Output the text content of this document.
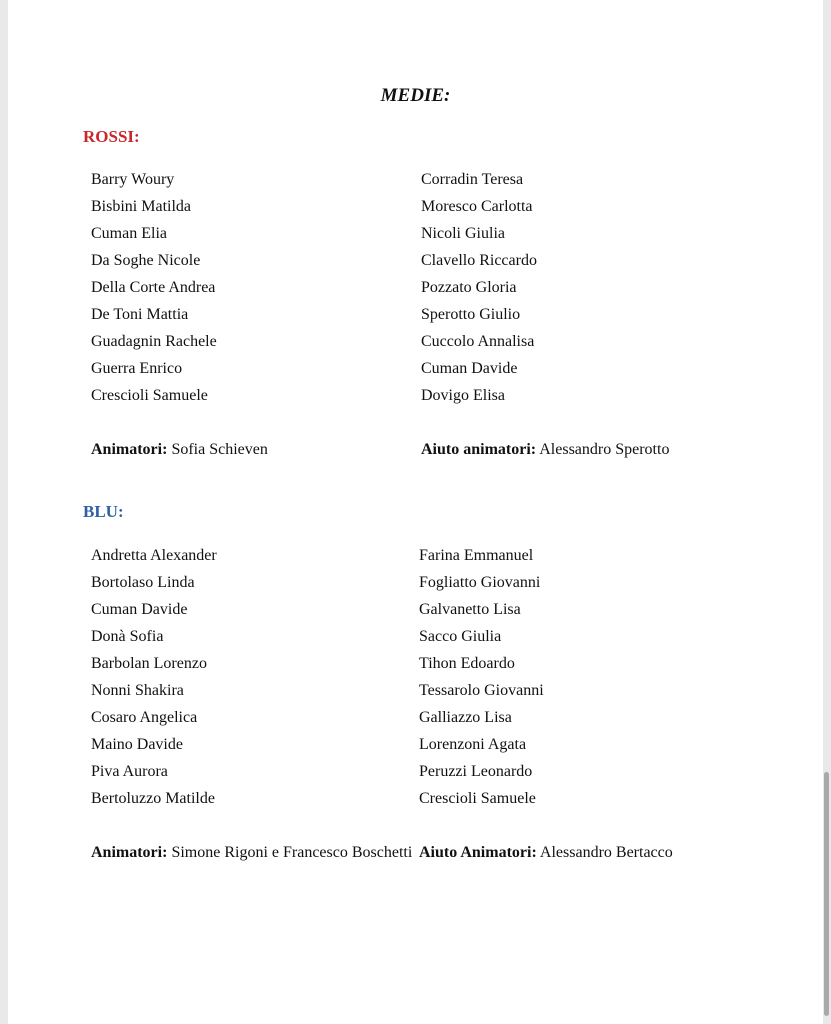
MEDIE:
ROSSI:
Barry Woury
Bisbini Matilda
Cuman Elia
Da Soghe Nicole
Della Corte Andrea
De Toni Mattia
Guadagnin Rachele
Guerra Enrico
Crescioli Samuele
Corradin Teresa
Moresco Carlotta
Nicoli Giulia
Clavello Riccardo
Pozzato Gloria
Sperotto Giulio
Cuccolo Annalisa
Cuman Davide
Dovigo Elisa
Animatori: Sofia Schieven	Aiuto animatori: Alessandro Sperotto
BLU:
Andretta Alexander
Bortolaso Linda
Cuman Davide
Donà Sofia
Barbolan Lorenzo
Nonni Shakira
Cosaro Angelica
Maino Davide
Piva Aurora
Bertoluzzo Matilde
Farina Emmanuel
Fogliatto Giovanni
Galvanetto Lisa
Sacco Giulia
Tihon Edoardo
Tessarolo Giovanni
Galliazzo Lisa
Lorenzoni Agata
Peruzzi Leonardo
Crescioli Samuele
Animatori: Simone Rigoni e Francesco Boschetti Aiuto Animatori: Alessandro Bertacco
